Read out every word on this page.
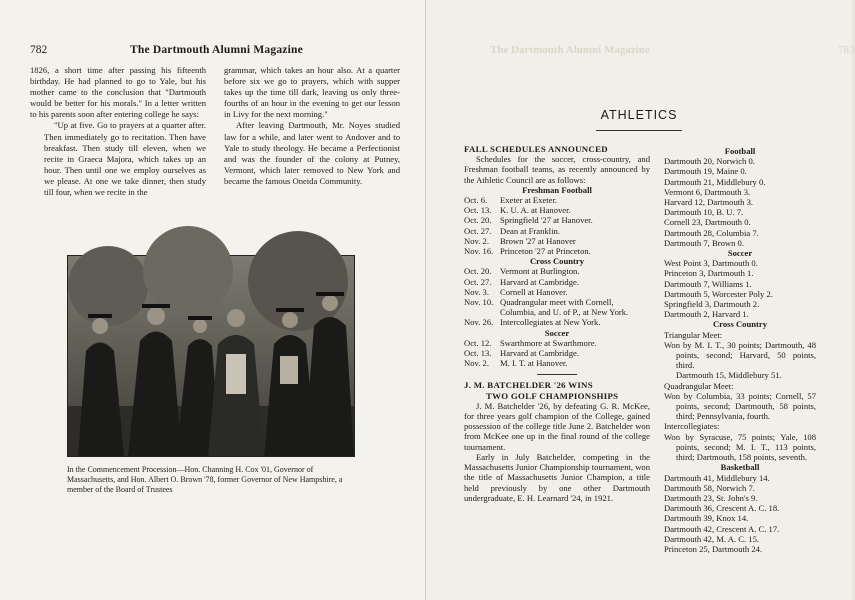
782	The Dartmouth Alumni Magazine

1826, a short time after passing his fifteenth birthday. He had planned to go to Yale, but his mother came to the conclusion that "Dartmouth would be better for his morals." In a letter written to his parents soon after entering college he says:

"Up at five. Go to prayers at a quarter after. Then immediately go to recitation. Then have breakfast. Then study till eleven, when we recite in Graeca Majora, which takes up an hour. Then until one we employ ourselves as we please. At one we take dinner, then study till four, when we recite in the

grammar, which takes an hour also. At a quarter before six we go to prayers, which with supper takes up the time till dark, leaving us only three-fourths of an hour in the evening to get our lesson in Livy for the next morning."

After leaving Dartmouth, Mr. Noyes studied law for a while, and later went to Andover and to Yale to study theology. He became a Perfectionist and was the founder of the colony at Putney, Vermont, which later removed to New York and became the famous Oneida Community.

In the Commencement Procession—Hon. Channing H. Cox '01, Governor of Massachusetts, and Hon. Albert O. Brown '78, former Governor of New Hampshire, a member of the Board of Trustees
The Dartmouth Alumni Magazine	783
ATHLETICS

FALL SCHEDULES ANNOUNCED

Schedules for the soccer, cross-country, and Freshman football teams, as recently announced by the Athletic Council are as follows:

Freshman Football

Oct. 6.	Exeter at Exeter.
Oct. 13. K. U. A. at Hanover.
Oct. 20. Springfield '27 at Hanover.
Oct. 27. Dean at Franklin.
Nov. 2.	Brown '27 at Hanover
Nov. 16. Princeton '27 at Princeton.

Cross Country

Oct. 20. Vermont at Burlington.
Oct. 27. Harvard at Cambridge.
Nov. 3.	Cornell at Hanover.
Nov. 10. Quadrangular meet with Cornell, Columbia, and U. of P., at New York.
Nov. 26. Intercollegiates at New York.

Soccer

Oct. 12. Swarthmore at Swarthmore.
Oct. 13. Harvard at Cambridge.
Nov. 2.	M. I. T. at Hanover.

J. M. BATCHELDER '26 WINS

TWO GOLF CHAMPIONSHIPS

J. M. Batchelder '26, by defeating G. R. McKee, for three years golf champion of the College, gained possession of the college title June 2. Batchelder won from McKee one up in the final round of the college tournament.

Early in July Batchelder, competing in the Massachusetts Junior Championship tournament, won the title of Massachusetts Junior Champion, a title held previously by one other Dartmouth undergraduate, E. H. Learnard '24, in 1921.

Football

Dartmouth 20, Norwich 0.

Dartmouth 19, Maine 0.

Dartmouth 21, Middlebury 0.

Vermont 6, Dartmouth 3.

Harvard 12, Dartmouth 3.

Dartmouth 10, B. U. 7.

Cornell 23, Dartmouth 0.

Dartmouth 28, Columbia 7.

Dartmouth 7, Brown 0.

Soccer

West Point 3, Dartmouth 0.

Princeton 3, Dartmouth 1.

Dartmouth 7, Williams 1.

Dartmouth 5, Worcester Poly 2.

Springfield 3, Dartmouth 2.

Dartmouth 2, Harvard 1.

Cross Country

Triangular Meet:

Won by M. I. T., 30 points; Dartmouth, 48 points, second; Harvard, 50 points, third.

Dartmouth 15, Middlebury 51.

Quadrangular Meet:

Won by Columbia, 33 points; Cornell, 57 points, second; Dartmouth, 58 points, third; Pennsylvania, fourth.

Intercollegiates:

Won by Syracuse, 75 points; Yale, 108 points, second; M. I. T., 113 points, third; Dartmouth, 158 points, seventh.

Basketball

Dartmouth 41, Middlebury 14.

Dartmouth 58, Norwich 7.

Dartmouth 23, St. John's 9.

Dartmouth 36, Crescent A. C. 18.

Dartmouth 39, Knox 14.

Dartmouth 42, Crescent A. C. 17.

Dartmouth 42, M. A. C. 15.

Princeton 25, Dartmouth 24.
